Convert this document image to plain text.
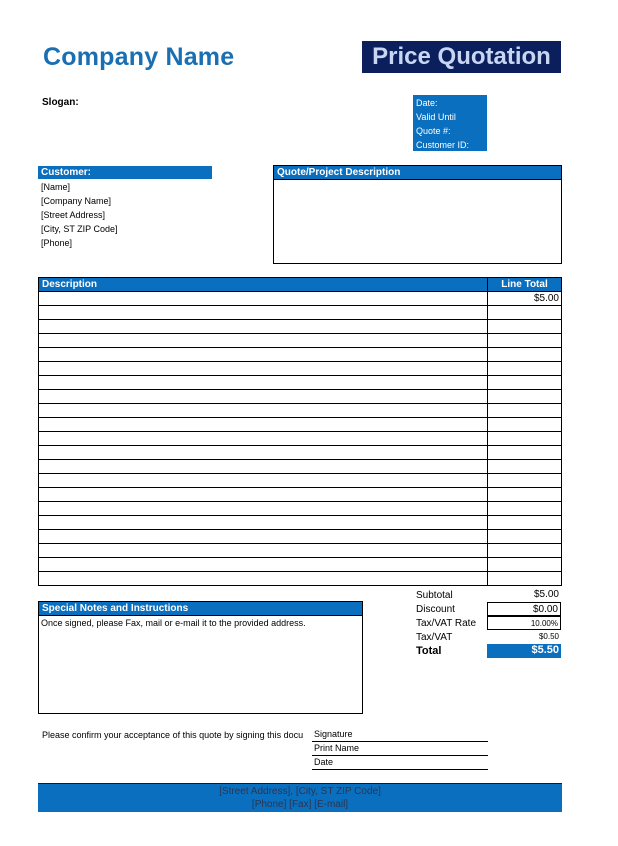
Company Name	Price Quotation
Slogan:	Date:
Valid Until
Quote #:
Customer ID:
Customer:
[Name]
[Company Name]
[Street Address]
[City, ST ZIP Code]
[Phone]
Quote/Project Description
Description	Line Total
	$5.00

Subtotal	$5.00
Discount	$0.00
Tax/VAT Rate	10.00%
Tax/VAT	$0.50
Total	$5.50
Special Notes and Instructions
Once signed, please Fax, mail or e-mail it to the provided address.
Please confirm your acceptance of this quote by signing this docu Signature
Print Name
Date
[Street Address], [City, ST ZIP Code]
[Phone] [Fax] [E-mail]
